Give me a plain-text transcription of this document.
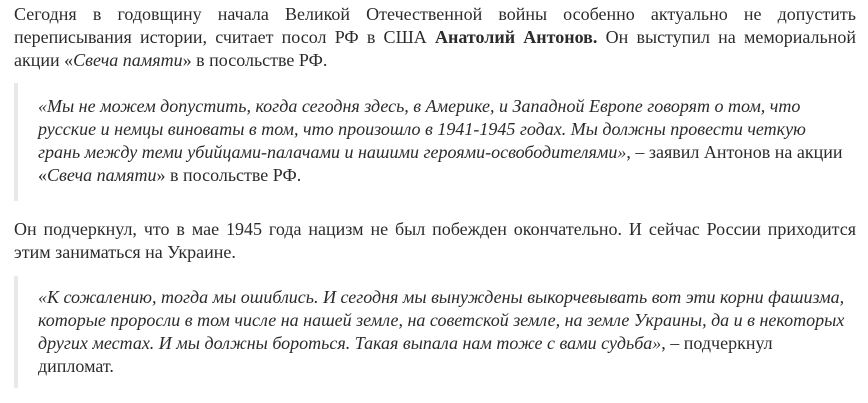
Сегодня в годовщину начала Великой Отечественной войны особенно актуально не допустить переписывания истории, считает посол РФ в США Анатолий Антонов. Он выступил на мемориальной акции «Свеча памяти» в посольстве РФ.

«Мы не можем допустить, когда сегодня здесь, в Америке, и Западной Европе говорят о том, что русские и немцы виноваты в том, что произошло в 1941-1945 годах. Мы должны провести четкую грань между теми убийцами-палачами и нашими героями-освободителями», – заявил Антонов на акции «Свеча памяти» в посольстве РФ.

Он подчеркнул, что в мае 1945 года нацизм не был побежден окончательно. И сейчас России приходится этим заниматься на Украине.

«К сожалению, тогда мы ошиблись. И сегодня мы вынуждены выкорчевывать вот эти корни фашизма, которые проросли в том числе на нашей земле, на советской земле, на земле Украины, да и в некоторых других местах. И мы должны бороться. Такая выпала нам тоже с вами судьба», – подчеркнул дипломат.
